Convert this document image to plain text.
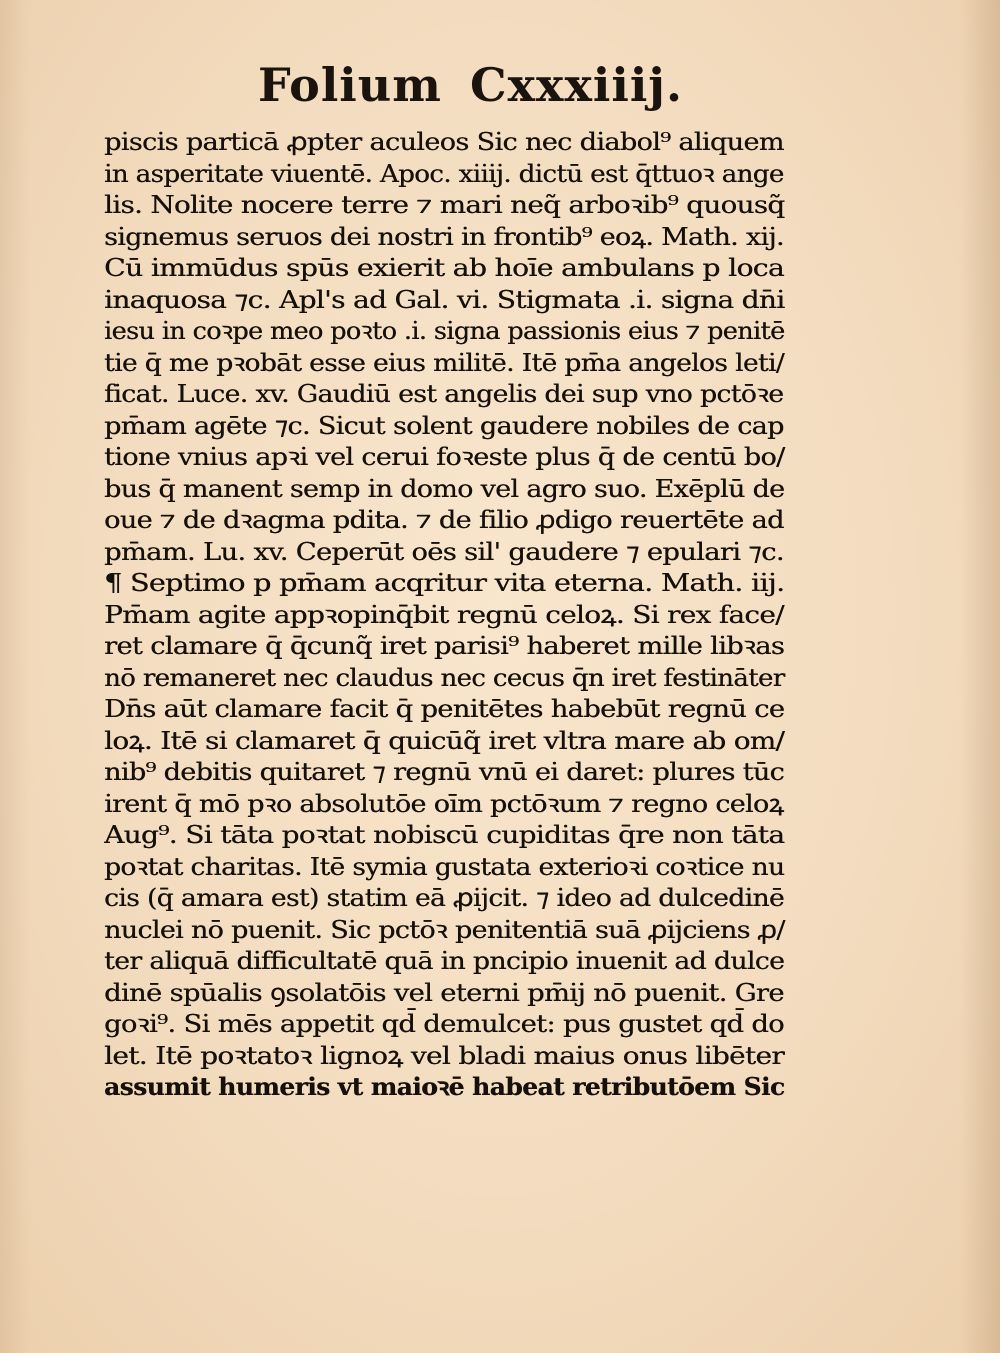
Folium Cxxxiiij.
piscis particā ꝓpter aculeos Sic nec diabol⁹ aliquem
in asperitate viuentē. Apoc. xiiij. dictū est q̄ttuoꝛ ange
lis. Nolite nocere terre ⁊ mari neq̃ arboꝛib⁹ quousq̃
signemus seruos dei nostri in frontib⁹ eoꝝ. Math. xij.
Cū immūdus spūs exierit ab hoīe ambulans p loca
inaquosa ⁊c. Apl's ad Gal. vi. Stigmata .i. signa dn̄i
iesu in coꝛpe meo poꝛto .i. signa passionis eius ⁊ penitē
tie q̄ me pꝛobāt esse eius militē. Itē pm̄a angelos leti/
ficat. Luce. xv. Gaudiū est angelis dei sup vno pctōꝛe
pm̄am agēte ⁊c. Sicut solent gaudere nobiles de cap
tione vnius apꝛi vel cerui foꝛeste plus q̄ de centū bo/
bus q̄ manent semp in domo vel agro suo. Exēplū de
oue ⁊ de dꝛagma pdita. ⁊ de filio ꝓdigo reuertēte ad
pm̄am. Lu. xv. Ceperūt oēs sil' gaudere ⁊ epulari ⁊c.
¶ Septimo p pm̄am acqritur vita eterna. Math. iij.
Pm̄am agite appꝛopinq̄bit regnū celoꝝ. Si rex face/
ret clamare q̄ q̄cunq̃ iret parisi⁹ haberet mille libꝛas
nō remaneret nec claudus nec cecus q̄n iret festināter
Dn̄s aūt clamare facit q̄ penitētes habebūt regnū ce
loꝝ. Itē si clamaret q̄ quicūq̃ iret vltra mare ab om/
nib⁹ debitis quitaret ⁊ regnū vnū ei daret: plures tūc
irent q̄ mō pꝛo absolutōe oīm pctōꝛum ⁊ regno celoꝝ
Aug⁹. Si tāta poꝛtat nobiscū cupiditas q̄re non tāta
poꝛtat charitas. Itē symia gustata exterioꝛi coꝛtice nu
cis (q̄ amara est) statim eā ꝓijcit. ⁊ ideo ad dulcedinē
nuclei nō puenit. Sic pctōꝛ penitentiā suā ꝓijciens ꝓ/
ter aliquā difficultatē quā in pncipio inuenit ad dulce
dinē spūalis ꝯsolatōis vel eterni pm̄ij nō puenit. Gre
goꝛi⁹. Si mēs appetit qd̄ demulcet: pus gustet qd̄ do
let. Itē poꝛtatoꝛ lignoꝝ vel bladi maius onus libēter
assumit humeris vt maioꝛē habeat retributōem Sic
